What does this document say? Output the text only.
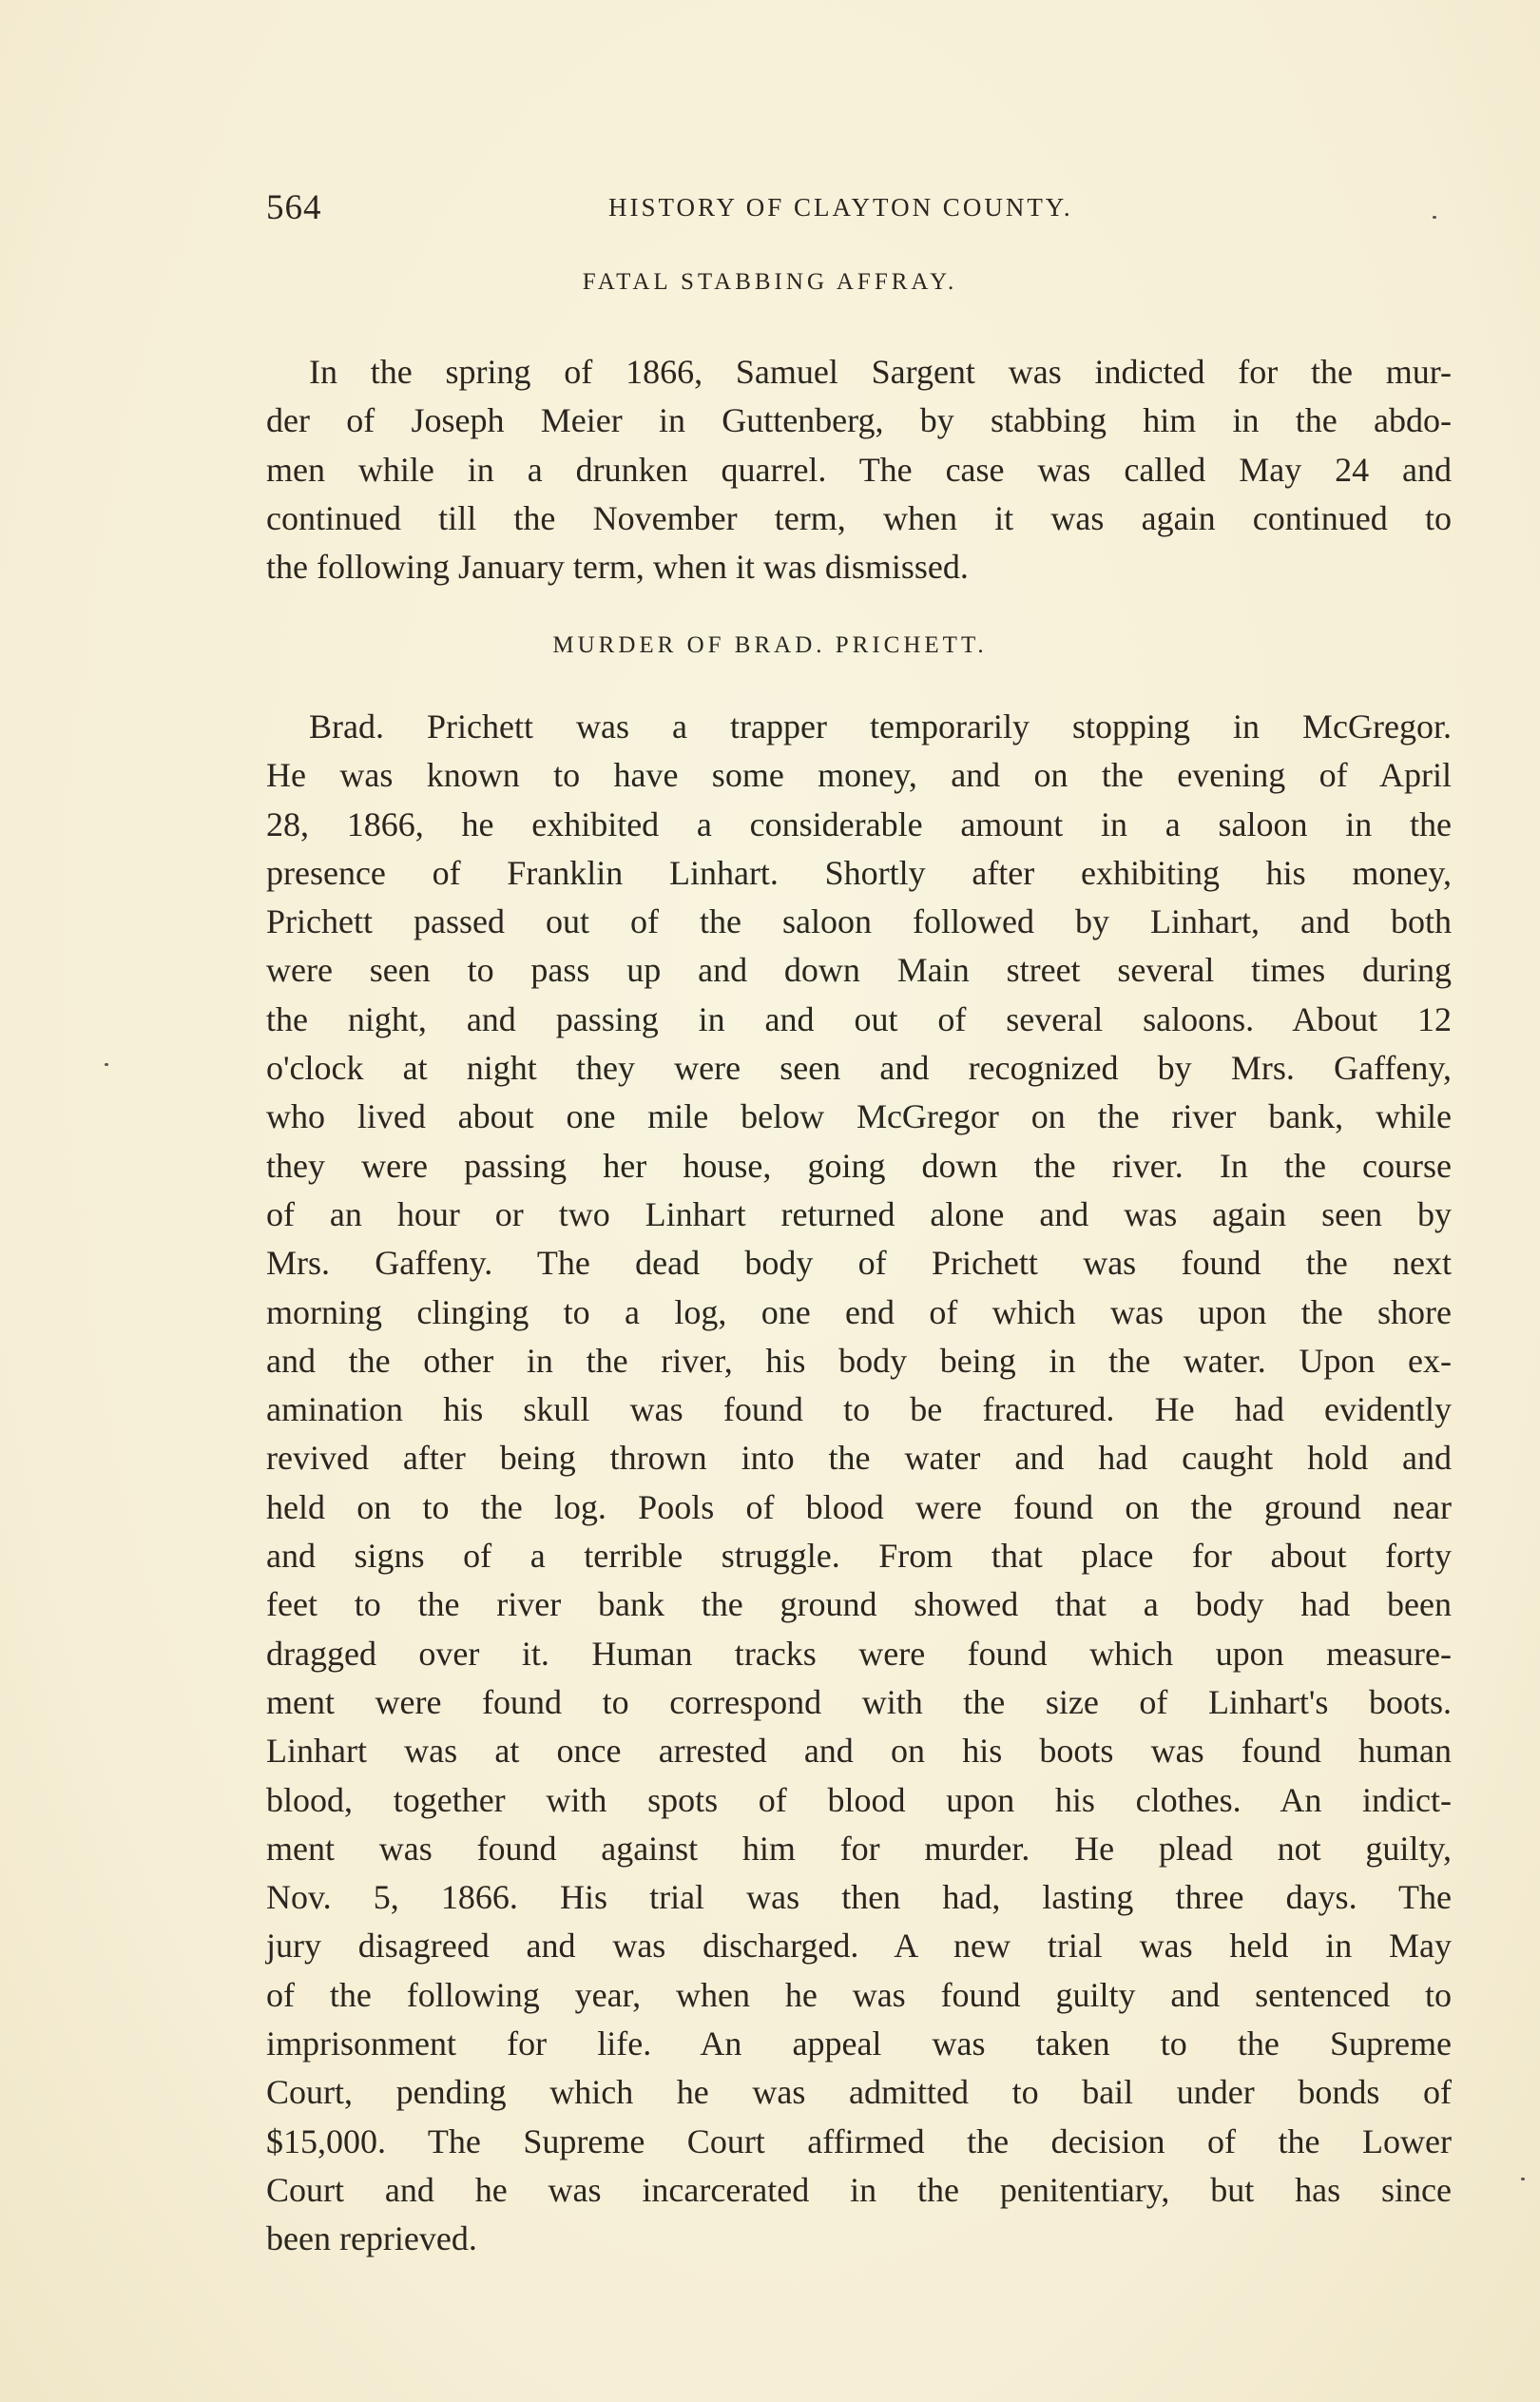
564	HISTORY OF CLAYTON COUNTY.
FATAL STABBING AFFRAY.
In the spring of 1866, Samuel Sargent was indicted for the mur-
der of Joseph Meier in Guttenberg, by stabbing him in the abdo-
men while in a drunken quarrel. The case was called May 24 and
continued till the November term, when it was again continued to
the following January term, when it was dismissed.
MURDER OF BRAD. PRICHETT.
Brad. Prichett was a trapper temporarily stopping in McGregor.
He was known to have some money, and on the evening of April
28, 1866, he exhibited a considerable amount in a saloon in the
presence of Franklin Linhart. Shortly after exhibiting his money,
Prichett passed out of the saloon followed by Linhart, and both
were seen to pass up and down Main street several times during
the night, and passing in and out of several saloons. About 12
o'clock at night they were seen and recognized by Mrs. Gaffeny,
who lived about one mile below McGregor on the river bank, while
they were passing her house, going down the river. In the course
of an hour or two Linhart returned alone and was again seen by
Mrs. Gaffeny. The dead body of Prichett was found the next
morning clinging to a log, one end of which was upon the shore
and the other in the river, his body being in the water. Upon ex-
amination his skull was found to be fractured. He had evidently
revived after being thrown into the water and had caught hold and
held on to the log. Pools of blood were found on the ground near
and signs of a terrible struggle. From that place for about forty
feet to the river bank the ground showed that a body had been
dragged over it. Human tracks were found which upon measure-
ment were found to correspond with the size of Linhart's boots.
Linhart was at once arrested and on his boots was found human
blood, together with spots of blood upon his clothes. An indict-
ment was found against him for murder. He plead not guilty,
Nov. 5, 1866. His trial was then had, lasting three days. The
jury disagreed and was discharged. A new trial was held in May
of the following year, when he was found guilty and sentenced to
imprisonment for life. An appeal was taken to the Supreme
Court, pending which he was admitted to bail under bonds of
$15,000. The Supreme Court affirmed the decision of the Lower
Court and he was incarcerated in the penitentiary, but has since
been reprieved.
